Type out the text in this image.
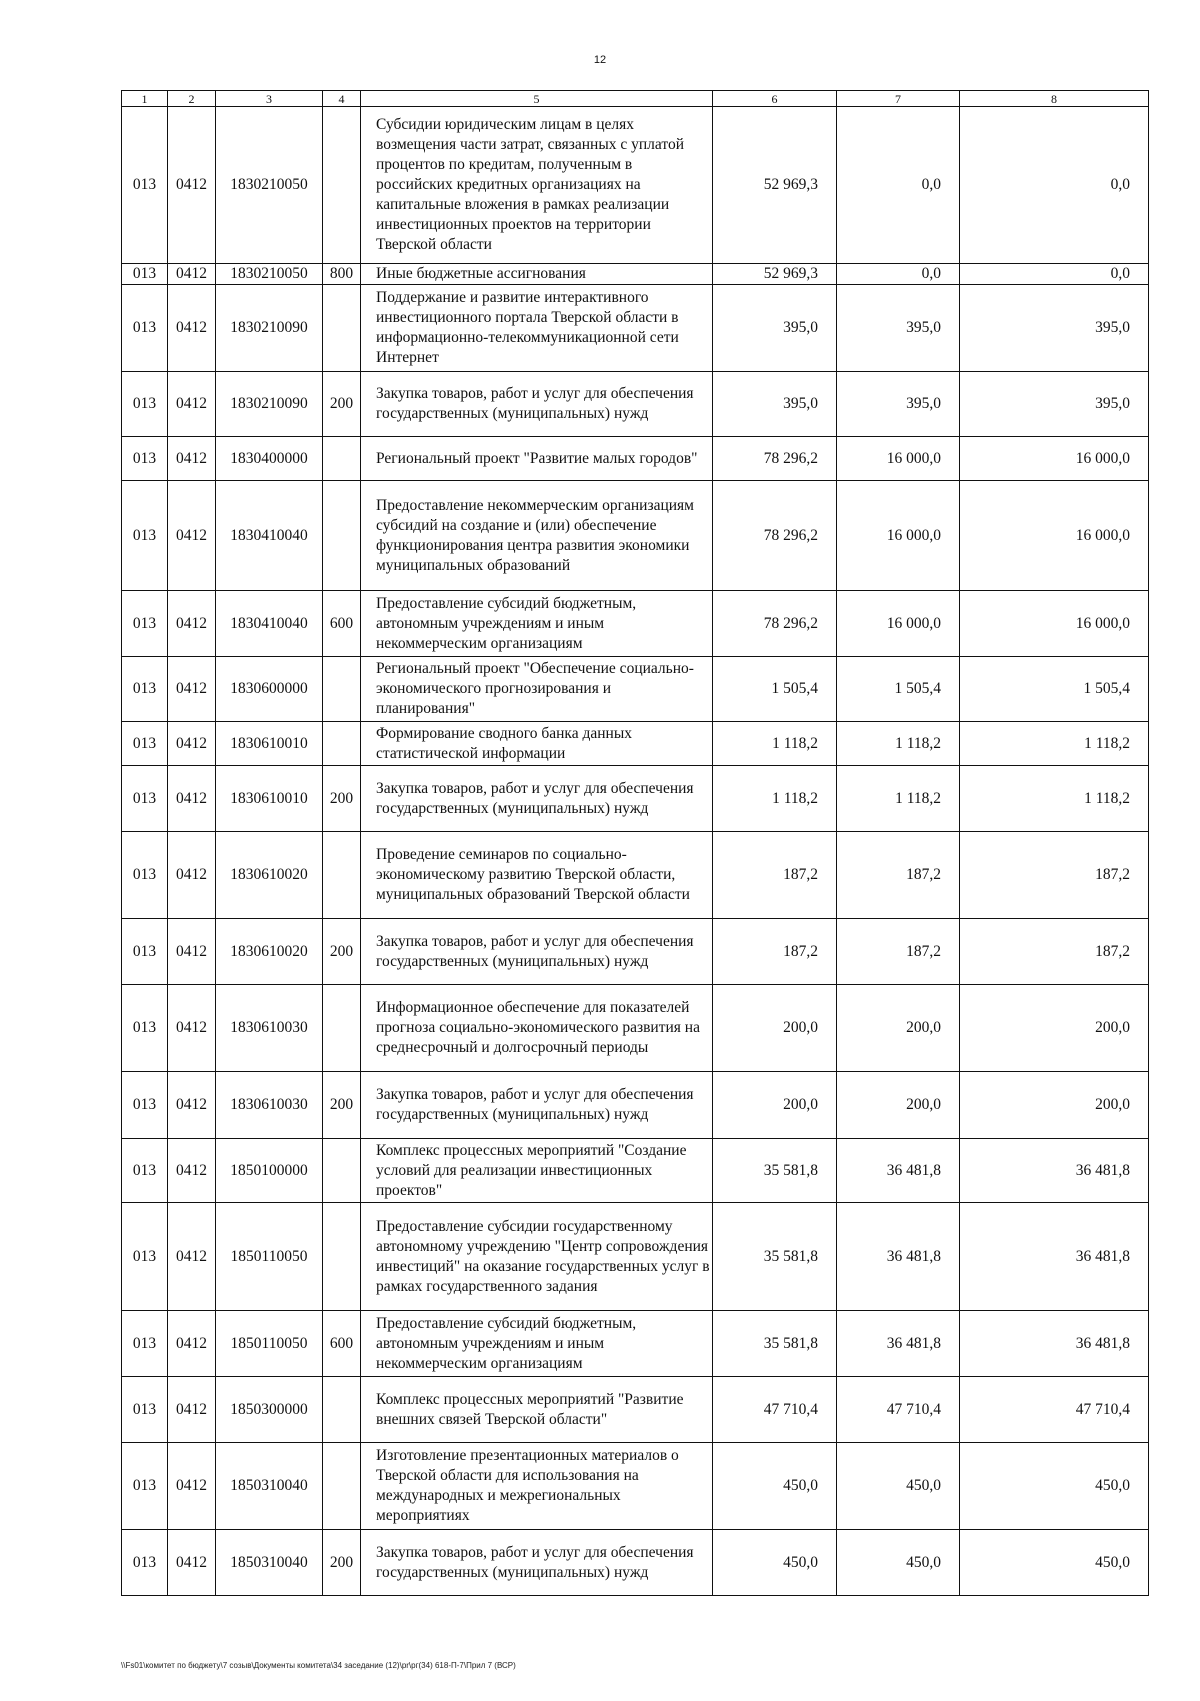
12
1	2	3	4	5	6	7	8
013	0412	1830210050		Субсидии юридическим лицам в целях возмещения части затрат, связанных с уплатой процентов по кредитам, полученным в российских кредитных организациях на капитальные вложения в рамках реализации инвестиционных проектов на территории Тверской области	52 969,3	0,0	0,0
013	0412	1830210050	800	Иные бюджетные ассигнования	52 969,3	0,0	0,0
013	0412	1830210090		Поддержание и развитие интерактивного инвестиционного портала Тверской области в информационно-телекоммуникационной сети Интернет	395,0	395,0	395,0
013	0412	1830210090	200	Закупка товаров, работ и услуг для обеспечения государственных (муниципальных) нужд	395,0	395,0	395,0
013	0412	1830400000		Региональный проект "Развитие малых городов"	78 296,2	16 000,0	16 000,0
013	0412	1830410040		Предоставление некоммерческим организациям субсидий на создание и (или) обеспечение функционирования центра развития экономики муниципальных образований	78 296,2	16 000,0	16 000,0
013	0412	1830410040	600	Предоставление субсидий бюджетным, автономным учреждениям и иным некоммерческим организациям	78 296,2	16 000,0	16 000,0
013	0412	1830600000		Региональный проект "Обеспечение социально-экономического прогнозирования и планирования"	1 505,4	1 505,4	1 505,4
013	0412	1830610010		Формирование сводного банка данных статистической информации	1 118,2	1 118,2	1 118,2
013	0412	1830610010	200	Закупка товаров, работ и услуг для обеспечения государственных (муниципальных) нужд	1 118,2	1 118,2	1 118,2
013	0412	1830610020		Проведение семинаров по социально-экономическому развитию Тверской области, муниципальных образований Тверской области	187,2	187,2	187,2
013	0412	1830610020	200	Закупка товаров, работ и услуг для обеспечения государственных (муниципальных) нужд	187,2	187,2	187,2
013	0412	1830610030		Информационное обеспечение для показателей прогноза социально-экономического развития на среднесрочный и долгосрочный периоды	200,0	200,0	200,0
013	0412	1830610030	200	Закупка товаров, работ и услуг для обеспечения государственных (муниципальных) нужд	200,0	200,0	200,0
013	0412	1850100000		Комплекс процессных мероприятий "Создание условий для реализации инвестиционных проектов"	35 581,8	36 481,8	36 481,8
013	0412	1850110050		Предоставление субсидии государственному автономному учреждению "Центр сопровождения инвестиций" на оказание государственных услуг в рамках государственного задания	35 581,8	36 481,8	36 481,8
013	0412	1850110050	600	Предоставление субсидий бюджетным, автономным учреждениям и иным некоммерческим организациям	35 581,8	36 481,8	36 481,8
013	0412	1850300000		Комплекс процессных мероприятий "Развитие внешних связей Тверской области"	47 710,4	47 710,4	47 710,4
013	0412	1850310040		Изготовление презентационных материалов о Тверской области для использования на международных и межрегиональных мероприятиях	450,0	450,0	450,0
013	0412	1850310040	200	Закупка товаров, работ и услуг для обеспечения государственных (муниципальных) нужд	450,0	450,0	450,0
\\Fs01\комитет по бюджету\7 созыв\Документы комитета\34 заседание (12)\pr\рг(34) 618-П-7\Прил 7 (ВСР)
